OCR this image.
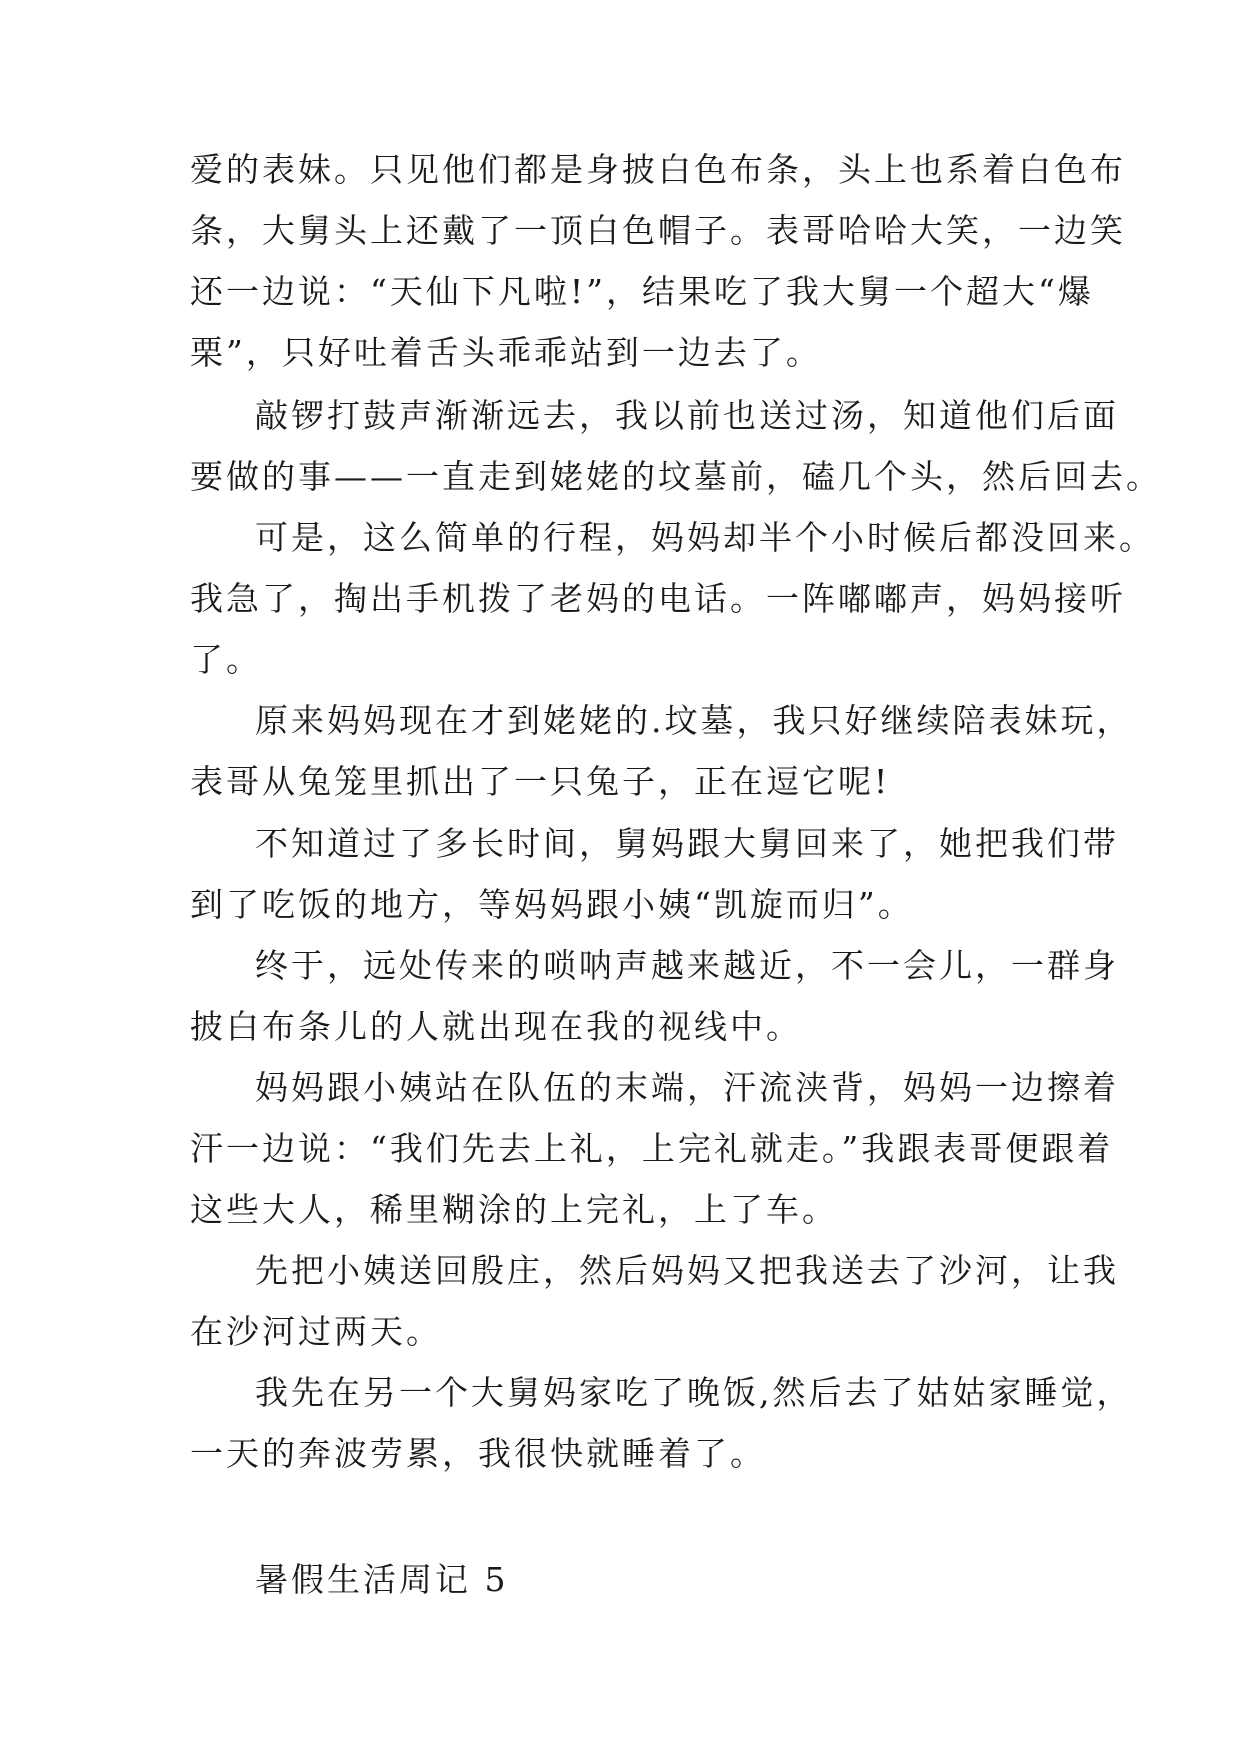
爱的表妹。只见他们都是身披白色布条，头上也系着白色布
条，大舅头上还戴了一顶白色帽子。表哥哈哈大笑，一边笑
还一边说：“天仙下凡啦!”，结果吃了我大舅一个超大“爆
栗”，只好吐着舌头乖乖站到一边去了。
敲锣打鼓声渐渐远去，我以前也送过汤，知道他们后面
要做的事——一直走到姥姥的坟墓前，磕几个头，然后回去。
可是，这么简单的行程，妈妈却半个小时候后都没回来。
我急了，掏出手机拨了老妈的电话。一阵嘟嘟声，妈妈接听
了。
原来妈妈现在才到姥姥的.坟墓，我只好继续陪表妹玩，
表哥从兔笼里抓出了一只兔子，正在逗它呢!
不知道过了多长时间，舅妈跟大舅回来了，她把我们带
到了吃饭的地方，等妈妈跟小姨“凯旋而归”。
终于，远处传来的唢呐声越来越近，不一会儿，一群身
披白布条儿的人就出现在我的视线中。
妈妈跟小姨站在队伍的末端，汗流浃背，妈妈一边擦着
汗一边说：“我们先去上礼，上完礼就走。”我跟表哥便跟着
这些大人，稀里糊涂的上完礼，上了车。
先把小姨送回殷庄，然后妈妈又把我送去了沙河，让我
在沙河过两天。
我先在另一个大舅妈家吃了晚饭,然后去了姑姑家睡觉，
一天的奔波劳累，我很快就睡着了。
暑假生活周记 5
